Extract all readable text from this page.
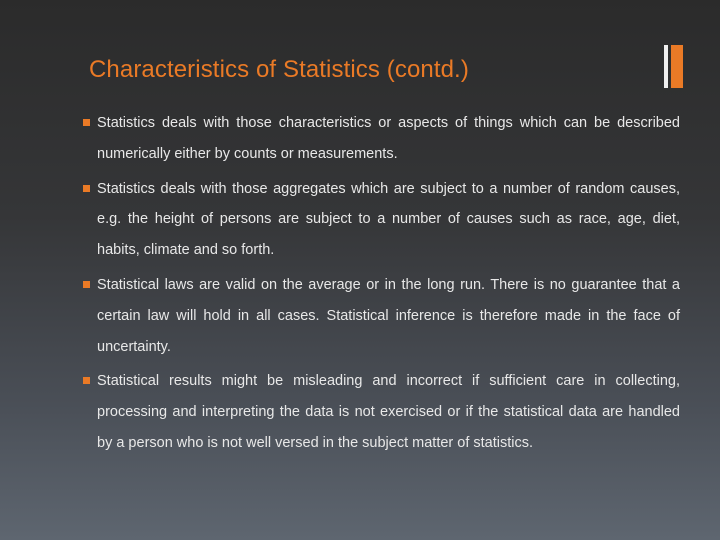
Characteristics of Statistics (contd.)
Statistics deals with those characteristics or aspects of things which can be described numerically either by counts or measurements.
Statistics deals with those aggregates which are subject to a number of random causes, e.g. the height of persons are subject to a number of causes such as race, age, diet, habits, climate and so forth.
Statistical laws are valid on the average or in the long run. There is no guarantee that a certain law will hold in all cases. Statistical inference is therefore made in the face of uncertainty.
Statistical results might be misleading and incorrect if sufficient care in collecting, processing and interpreting the data is not exercised or if the statistical data are handled by a person who is not well versed in the subject matter of statistics.
